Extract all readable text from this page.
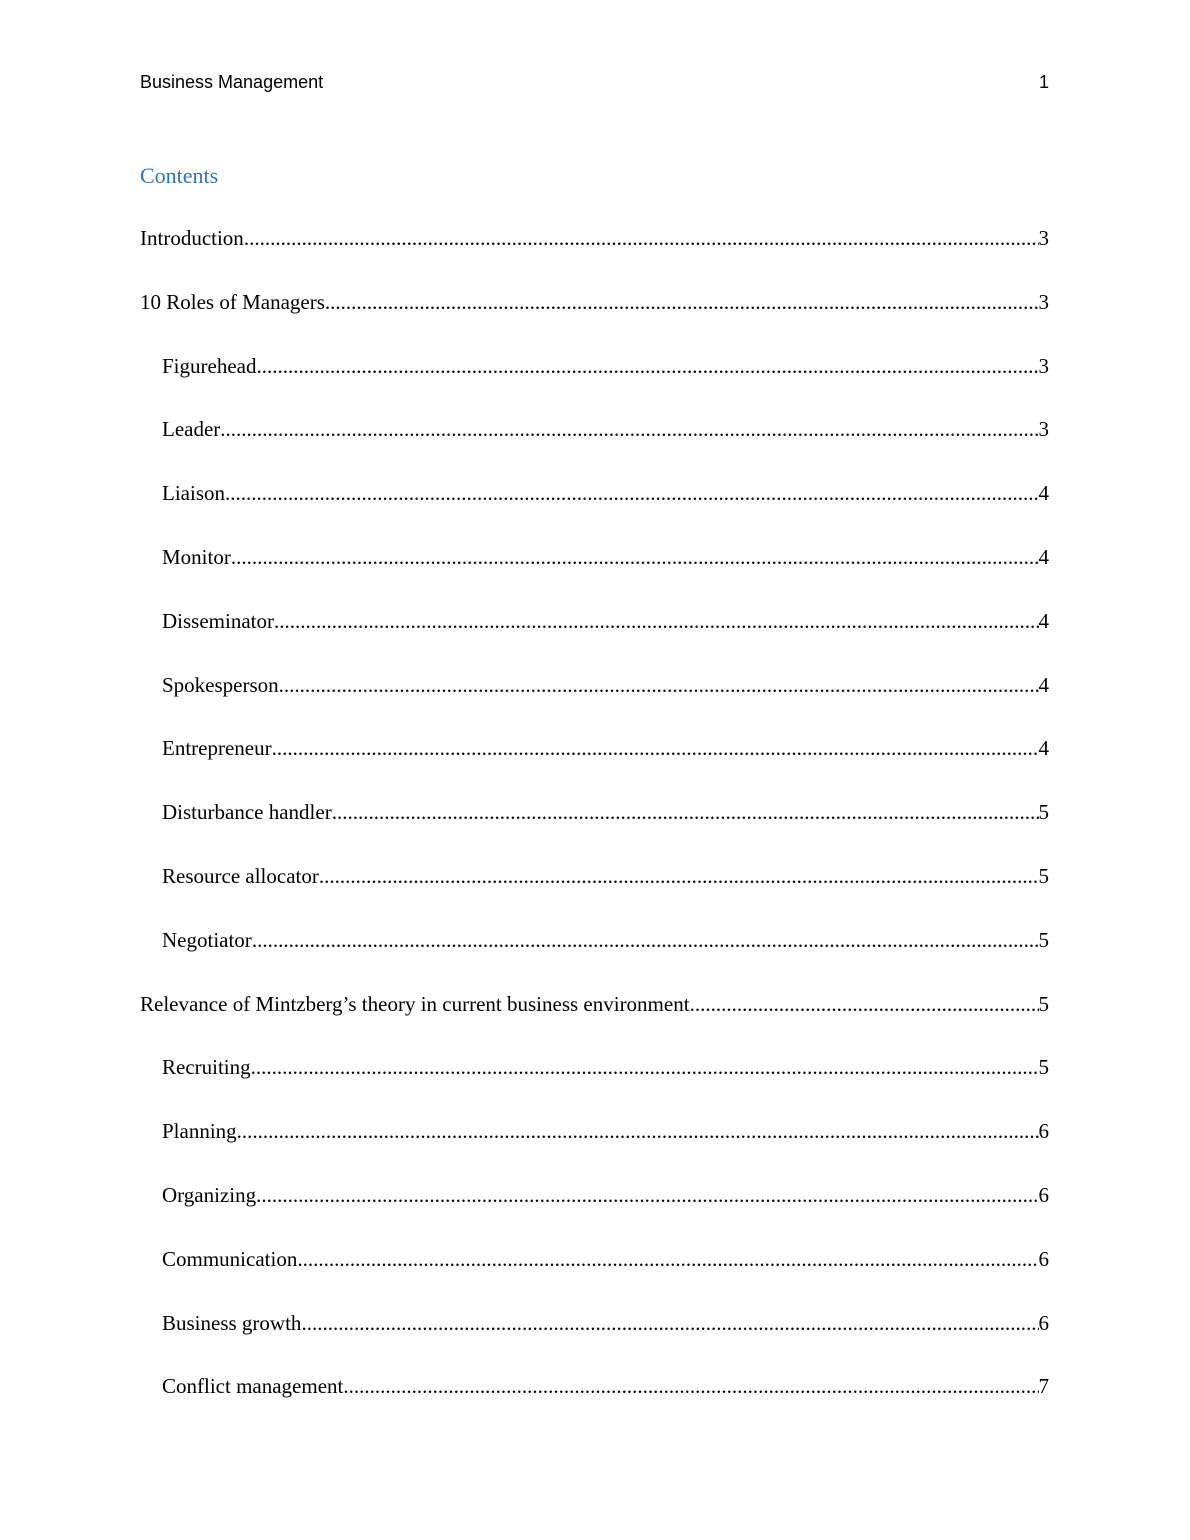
Business Management	1
Contents
Introduction .....	3
10 Roles of Managers .....	3
Figurehead .....	3
Leader .....	3
Liaison .....	4
Monitor .....	4
Disseminator .....	4
Spokesperson .....	4
Entrepreneur .....	4
Disturbance handler .....	5
Resource allocator .....	5
Negotiator .....	5
Relevance of Mintzberg’s theory in current business environment .....	5
Recruiting .....	5
Planning .....	6
Organizing .....	6
Communication .....	6
Business growth .....	6
Conflict management .....	7
